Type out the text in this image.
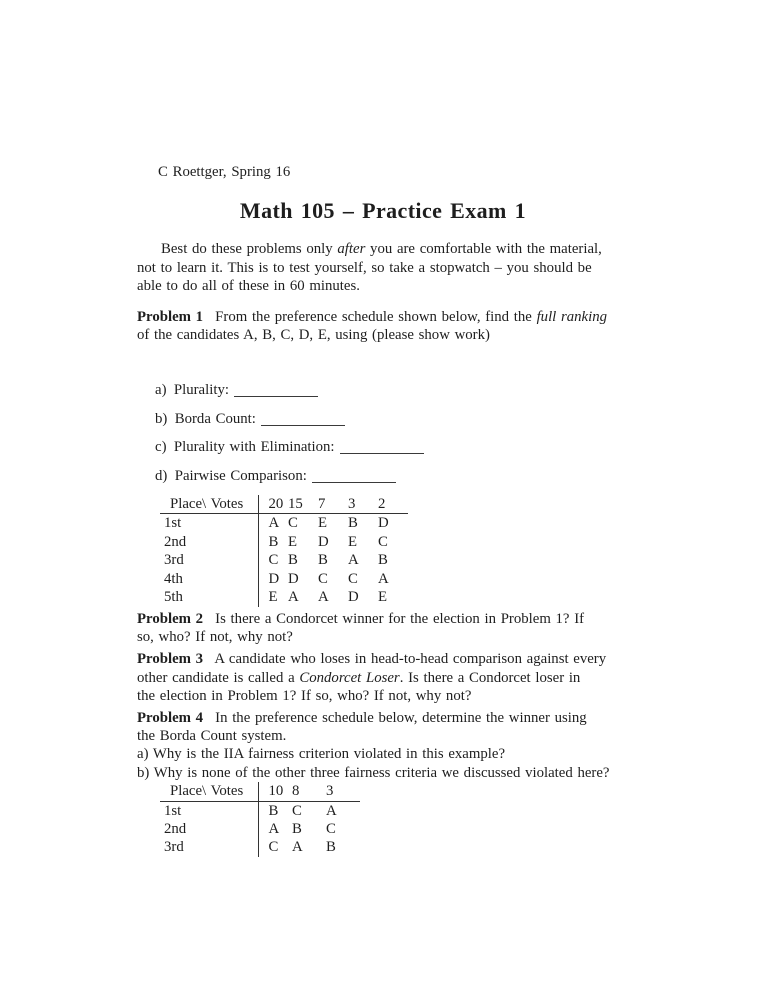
C Roettger, Spring 16
Math 105 – Practice Exam 1
Best do these problems only after you are comfortable with the material,
not to learn it. This is to test yourself, so take a stopwatch – you should be
able to do all of these in 60 minutes.
Problem 1  From the preference schedule shown below, find the full ranking
of the candidates A, B, C, D, E, using (please show work)
a) Plurality:
b) Borda Count:
c) Plurality with Elimination:
d) Pairwise Comparison:
Place\ Votes	20	15	7	3	2
1st	A	C	E	B	D
2nd	B	E	D	E	C
3rd	C	B	B	A	B
4th	D	D	C	C	A
5th	E	A	A	D	E
Problem 2  Is there a Condorcet winner for the election in Problem 1? If
so, who? If not, why not?
Problem 3  A candidate who loses in head-to-head comparison against every
other candidate is called a Condorcet Loser. Is there a Condorcet loser in
the election in Problem 1? If so, who? If not, why not?
Problem 4  In the preference schedule below, determine the winner using
the Borda Count system.
a) Why is the IIA fairness criterion violated in this example?
b) Why is none of the other three fairness criteria we discussed violated here?
Place\ Votes	10	8	3
1st	B	C	A
2nd	A	B	C
3rd	C	A	B
